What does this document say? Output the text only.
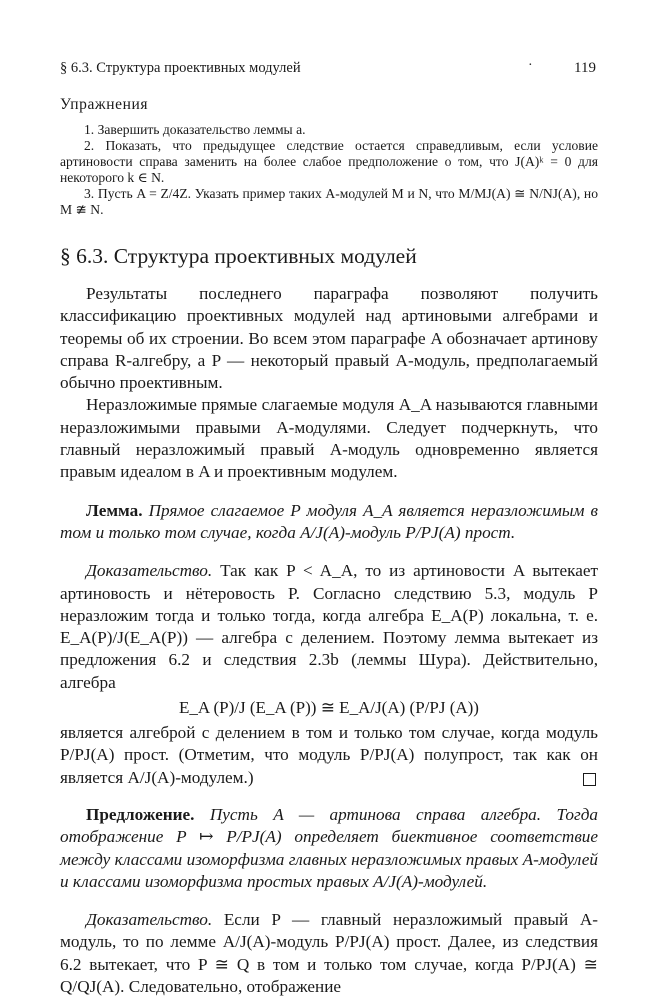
§ 6.3. Структура проективных модулей	·	119

Упражнения

1. Завершить доказательство леммы a.

2. Показать, что предыдущее следствие остается справедливым, если условие артиновости справа заменить на более слабое предположение о том, что J(A)ᵏ = 0 для некоторого k ∈ N.

3. Пусть A = Z/4Z. Указать пример таких A-модулей M и N, что M/MJ(A) ≅ N/NJ(A), но M ≇ N.

§ 6.3. Структура проективных модулей

Результаты последнего параграфа позволяют получить классификацию проективных модулей над артиновыми алгебрами и теоремы об их строении. Во всем этом параграфе A обозначает артинову справа R-алгебру, а P — некоторый правый A-модуль, предполагаемый обычно проективным.

Неразложимые прямые слагаемые модуля A_A называются главными неразложимыми правыми A-модулями. Следует подчеркнуть, что главный неразложимый правый A-модуль одновременно является правым идеалом в A и проективным модулем.

Лемма. Прямое слагаемое P модуля A_A является неразложимым в том и только том случае, когда A/J(A)-модуль P/PJ(A) прост.

Доказательство. Так как P < A_A, то из артиновости A вытекает артиновость и нётеровость P. Согласно следствию 5.3, модуль P неразложим тогда и только тогда, когда алгебра E_A(P) локальна, т. е. E_A(P)/J(E_A(P)) — алгебра с делением. Поэтому лемма вытекает из предложения 6.2 и следствия 2.3b (леммы Шура). Действительно, алгебра

E_A (P)/J (E_A (P)) ≅ E_A/J(A) (P/PJ (A))

является алгеброй с делением в том и только том случае, когда модуль P/PJ(A) прост. (Отметим, что модуль P/PJ(A) полупрост, так как он является A/J(A)-модулем.)

Предложение. Пусть A — артинова справа алгебра. Тогда отображение P ↦ P/PJ(A) определяет биективное соответствие между классами изоморфизма главных неразложимых правых A-модулей и классами изоморфизма простых правых A/J(A)-модулей.

Доказательство. Если P — главный неразложимый правый A-модуль, то по лемме A/J(A)-модуль P/PJ(A) прост. Далее, из следствия 6.2 вытекает, что P ≅ Q в том и только том случае, когда P/PJ(A) ≅ Q/QJ(A). Следовательно, отображение
